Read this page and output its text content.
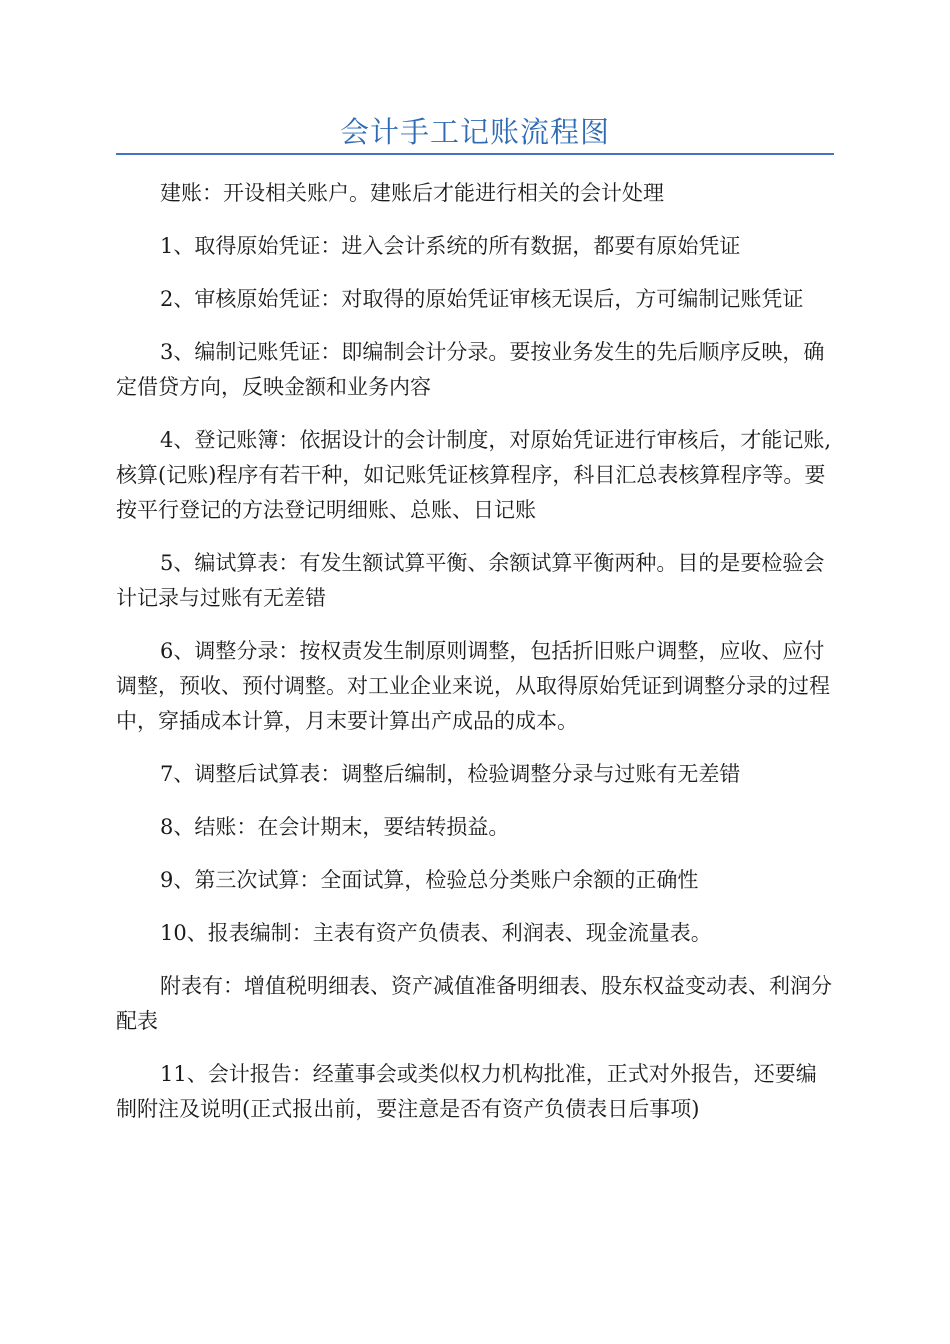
会计手工记账流程图

建账：开设相关账户。建账后才能进行相关的会计处理

1、取得原始凭证：进入会计系统的所有数据，都要有原始凭证

2、审核原始凭证：对取得的原始凭证审核无误后，方可编制记账凭证

3、编制记账凭证：即编制会计分录。要按业务发生的先后顺序反映，确定借贷方向，反映金额和业务内容

4、登记账簿：依据设计的会计制度，对原始凭证进行审核后，才能记账,核算(记账)程序有若干种，如记账凭证核算程序，科目汇总表核算程序等。要按平行登记的方法登记明细账、总账、日记账

5、编试算表：有发生额试算平衡、余额试算平衡两种。目的是要检验会计记录与过账有无差错

6、调整分录：按权责发生制原则调整，包括折旧账户调整，应收、应付调整，预收、预付调整。对工业企业来说，从取得原始凭证到调整分录的过程中，穿插成本计算，月末要计算出产成品的成本。

7、调整后试算表：调整后编制，检验调整分录与过账有无差错

8、结账：在会计期末，要结转损益。

9、第三次试算：全面试算，检验总分类账户余额的正确性

10、报表编制：主表有资产负债表、利润表、现金流量表。

附表有：增值税明细表、资产减值准备明细表、股东权益变动表、利润分配表

11、会计报告：经董事会或类似权力机构批准，正式对外报告，还要编制附注及说明(正式报出前，要注意是否有资产负债表日后事项)
